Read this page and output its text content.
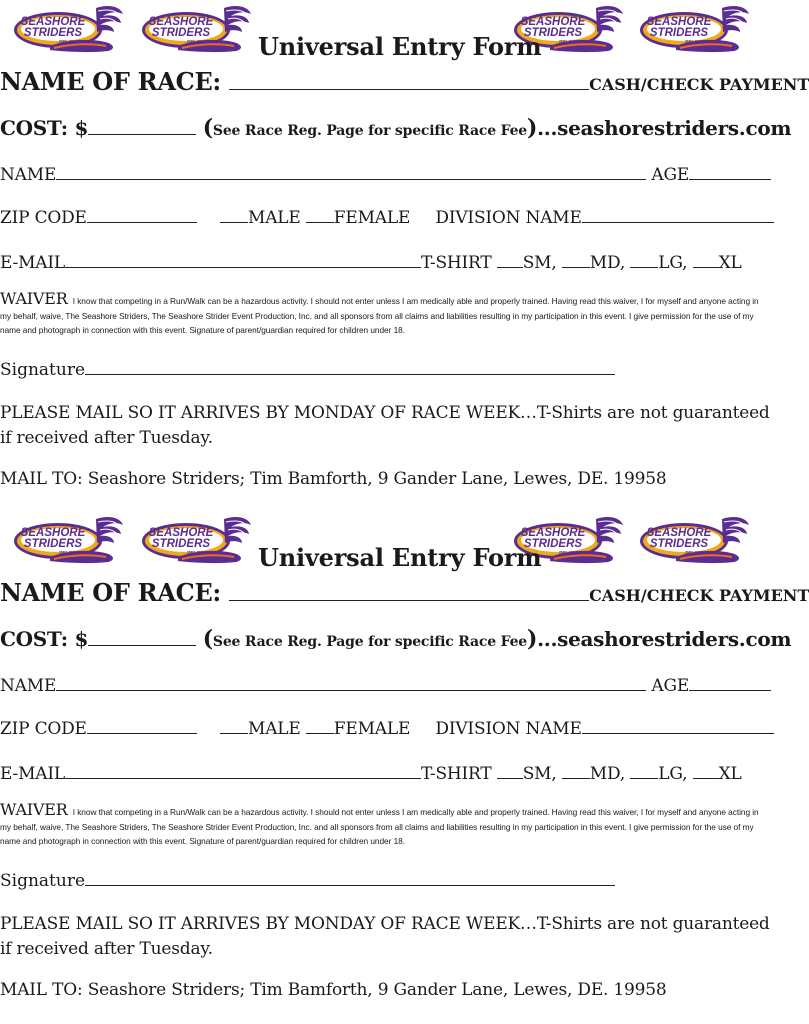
SEASHORE
STRIDERS
DELAWARE
SEASHORE
STRIDERS
DELAWARE
SEASHORE
STRIDERS
DELAWARE
SEASHORE
STRIDERS
DELAWARE
Universal Entry Form
NAME OF RACE:	CASH/CHECK PAYMENT
COST: $	(See Race Reg. Page for specific Race Fee)...seashorestriders.com
NAME	AGE
ZIP CODE	MALE FEMALE DIVISION NAME
E-MAIL	T-SHIRT SM, MD, LG, XL
WAIVER I know that competing in a Run/Walk can be a hazardous activity. I should not enter unless I am medically able and properly trained. Having read this waiver, I for myself and anyone acting in my behalf, waive, The Seashore Striders, The Seashore Strider Event Production, Inc. and all sponsors from all claims and liabilities resulting in my participation in this event. I give permission for the use of my name and photograph in connection with this event. Signature of parent/guardian required for children under 18.
Signature
PLEASE MAIL SO IT ARRIVES BY MONDAY OF RACE WEEK…T-Shirts are not guaranteed if received after Tuesday.
MAIL TO: Seashore Striders; Tim Bamforth, 9 Gander Lane, Lewes, DE. 19958
SEASHORE
STRIDERS
DELAWARE
SEASHORE
STRIDERS
DELAWARE
SEASHORE
STRIDERS
DELAWARE
SEASHORE
STRIDERS
DELAWARE
Universal Entry Form
NAME OF RACE:	CASH/CHECK PAYMENT
COST: $	(See Race Reg. Page for specific Race Fee)...seashorestriders.com
NAME	AGE
ZIP CODE	MALE FEMALE DIVISION NAME
E-MAIL	T-SHIRT SM, MD, LG, XL
WAIVER I know that competing in a Run/Walk can be a hazardous activity. I should not enter unless I am medically able and properly trained. Having read this waiver, I for myself and anyone acting in my behalf, waive, The Seashore Striders, The Seashore Strider Event Production, Inc. and all sponsors from all claims and liabilities resulting in my participation in this event. I give permission for the use of my name and photograph in connection with this event. Signature of parent/guardian required for children under 18.
Signature
PLEASE MAIL SO IT ARRIVES BY MONDAY OF RACE WEEK…T-Shirts are not guaranteed if received after Tuesday.
MAIL TO: Seashore Striders; Tim Bamforth, 9 Gander Lane, Lewes, DE. 19958
